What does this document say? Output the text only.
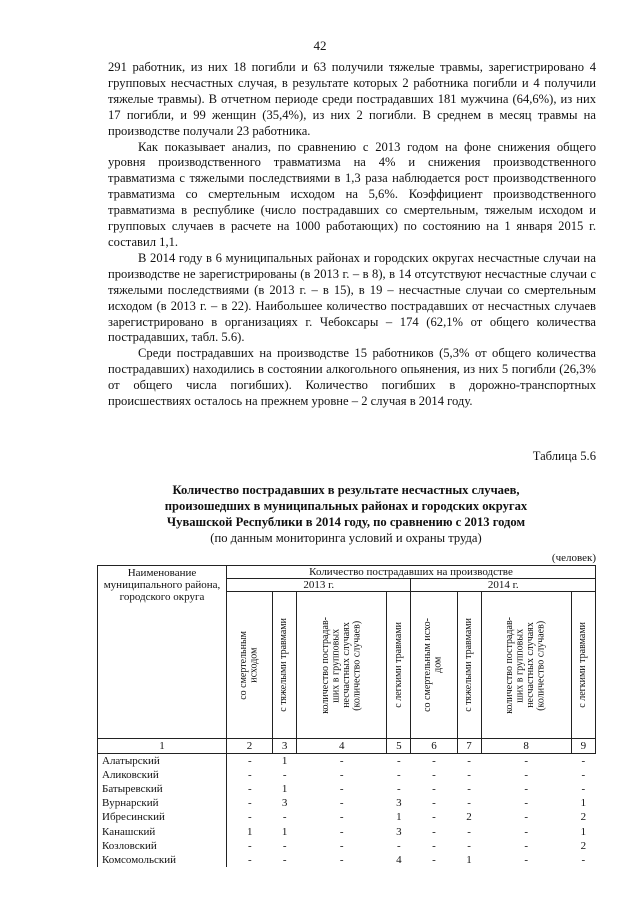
42

291 работник, из них 18 погибли и 63 получили тяжелые травмы, зарегистрировано 4 групповых несчастных случая, в результате которых 2 работника погибли и 4 получили тяжелые травмы). В отчетном периоде среди пострадавших 181 мужчина (64,6%), из них 17 погибли, и 99 женщин (35,4%), из них 2 погибли. В среднем в месяц травмы на производстве получали 23 работника.

Как показывает анализ, по сравнению с 2013 годом на фоне снижения общего уровня производственного травматизма на 4% и снижения производственного травматизма с тяжелыми последствиями в 1,3 раза наблюдается рост производственного травматизма со смертельным исходом на 5,6%. Коэффициент производственного травматизма в республике (число пострадавших со смертельным, тяжелым исходом и групповых случаев в расчете на 1000 работающих) по состоянию на 1 января 2015 г. составил 1,1.

В 2014 году в 6 муниципальных районах и городских округах несчастные случаи на производстве не зарегистрированы (в 2013 г. – в 8), в 14 отсутствуют несчастные случаи с тяжелыми последствиями (в 2013 г. – в 15), в 19 – несчастные случаи со смертельным исходом (в 2013 г. – в 22). Наибольшее количество пострадавших от несчастных случаев зарегистрировано в организациях г. Чебоксары – 174 (62,1% от общего количества пострадавших, табл. 5.6).

Среди пострадавших на производстве 15 работников (5,3% от общего количества пострадавших) находились в состоянии алкогольного опьянения, из них 5 погибли (26,3% от общего числа погибших). Количество погибших в дорожно-транспортных происшествиях осталось на прежнем уровне – 2 случая в 2014 году.

Таблица 5.6
Количество пострадавших в результате несчастных случаев,
произошедших в муниципальных районах и городских округах
Чувашской Республики в 2014 году, по сравнению с 2013 годом
(по данным мониторинга условий и охраны труда)
(человек)
Наименование муниципального района, городского округа	Количество пострадавших на производстве							
	2013 г.				2014 г.			

	со смертельным
исходом	с тяжелыми травмами	количество пострадав-
ших в групповых
несчастных случаях
(количество случаев)	с легкими травмами	со смертельным исхо-
дом	с тяжелыми травмами	количество пострадав-
ших в групповых
несчастных случаях
(количество случаев)	с легкими травмами

1	2	3	4	5	6	7	8	9
Алатырский	-	1	-	-	-	-	-	-
Аликовский	-	-	-	-	-	-	-	-
Батыревский	-	1	-	-	-	-	-	-
Вурнарский	-	3	-	3	-	-	-	1
Ибресинский	-	-	-	1	-	2	-	2
Канашский	1	1	-	3	-	-	-	1
Козловский	-	-	-	-	-	-	-	2
Комсомольский	-	-	-	4	-	1	-	-
